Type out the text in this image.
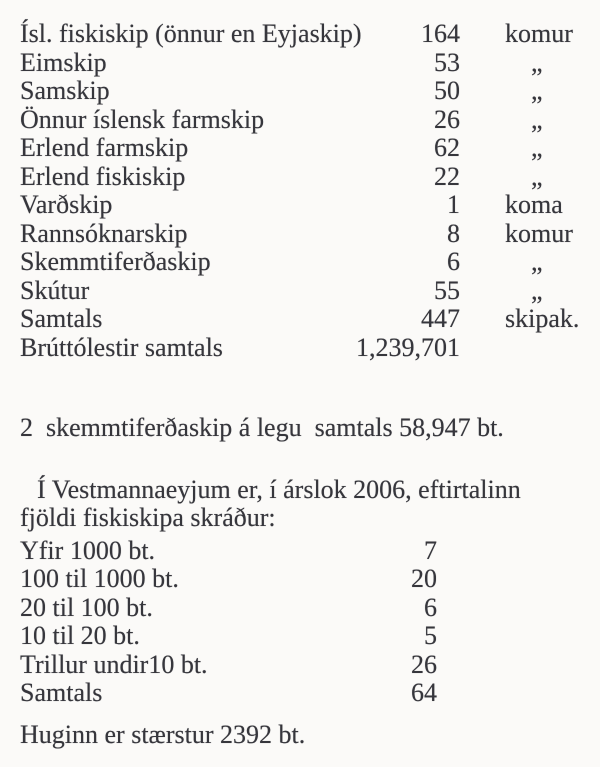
Ísl. fiskiskip (önnur en Eyjaskip) 164 komur
Eimskip	53	„
Samskip	50	„
Önnur íslensk farmskip	26	„
Erlend farmskip	62	„
Erlend fiskiskip	22	„
Varðskip	1 koma
Rannsóknarskip	8 komur
Skemmtiferðaskip	6	„
Skútur	55	„
Samtals	447 skipak.
Brúttólestir samtals	1,239,701
2  skemmtiferðaskip á legu  samtals 58,947 bt.
Í Vestmannaeyjum er, í árslok 2006, eftirtalinn
fjöldi fiskiskipa skráður:
Yfir 1000 bt.	7
100 til 1000 bt.	20
20 til 100 bt.	6
10 til 20 bt.	5
Trillur undir10 bt.	26
Samtals	64
Huginn er stærstur 2392 bt.
